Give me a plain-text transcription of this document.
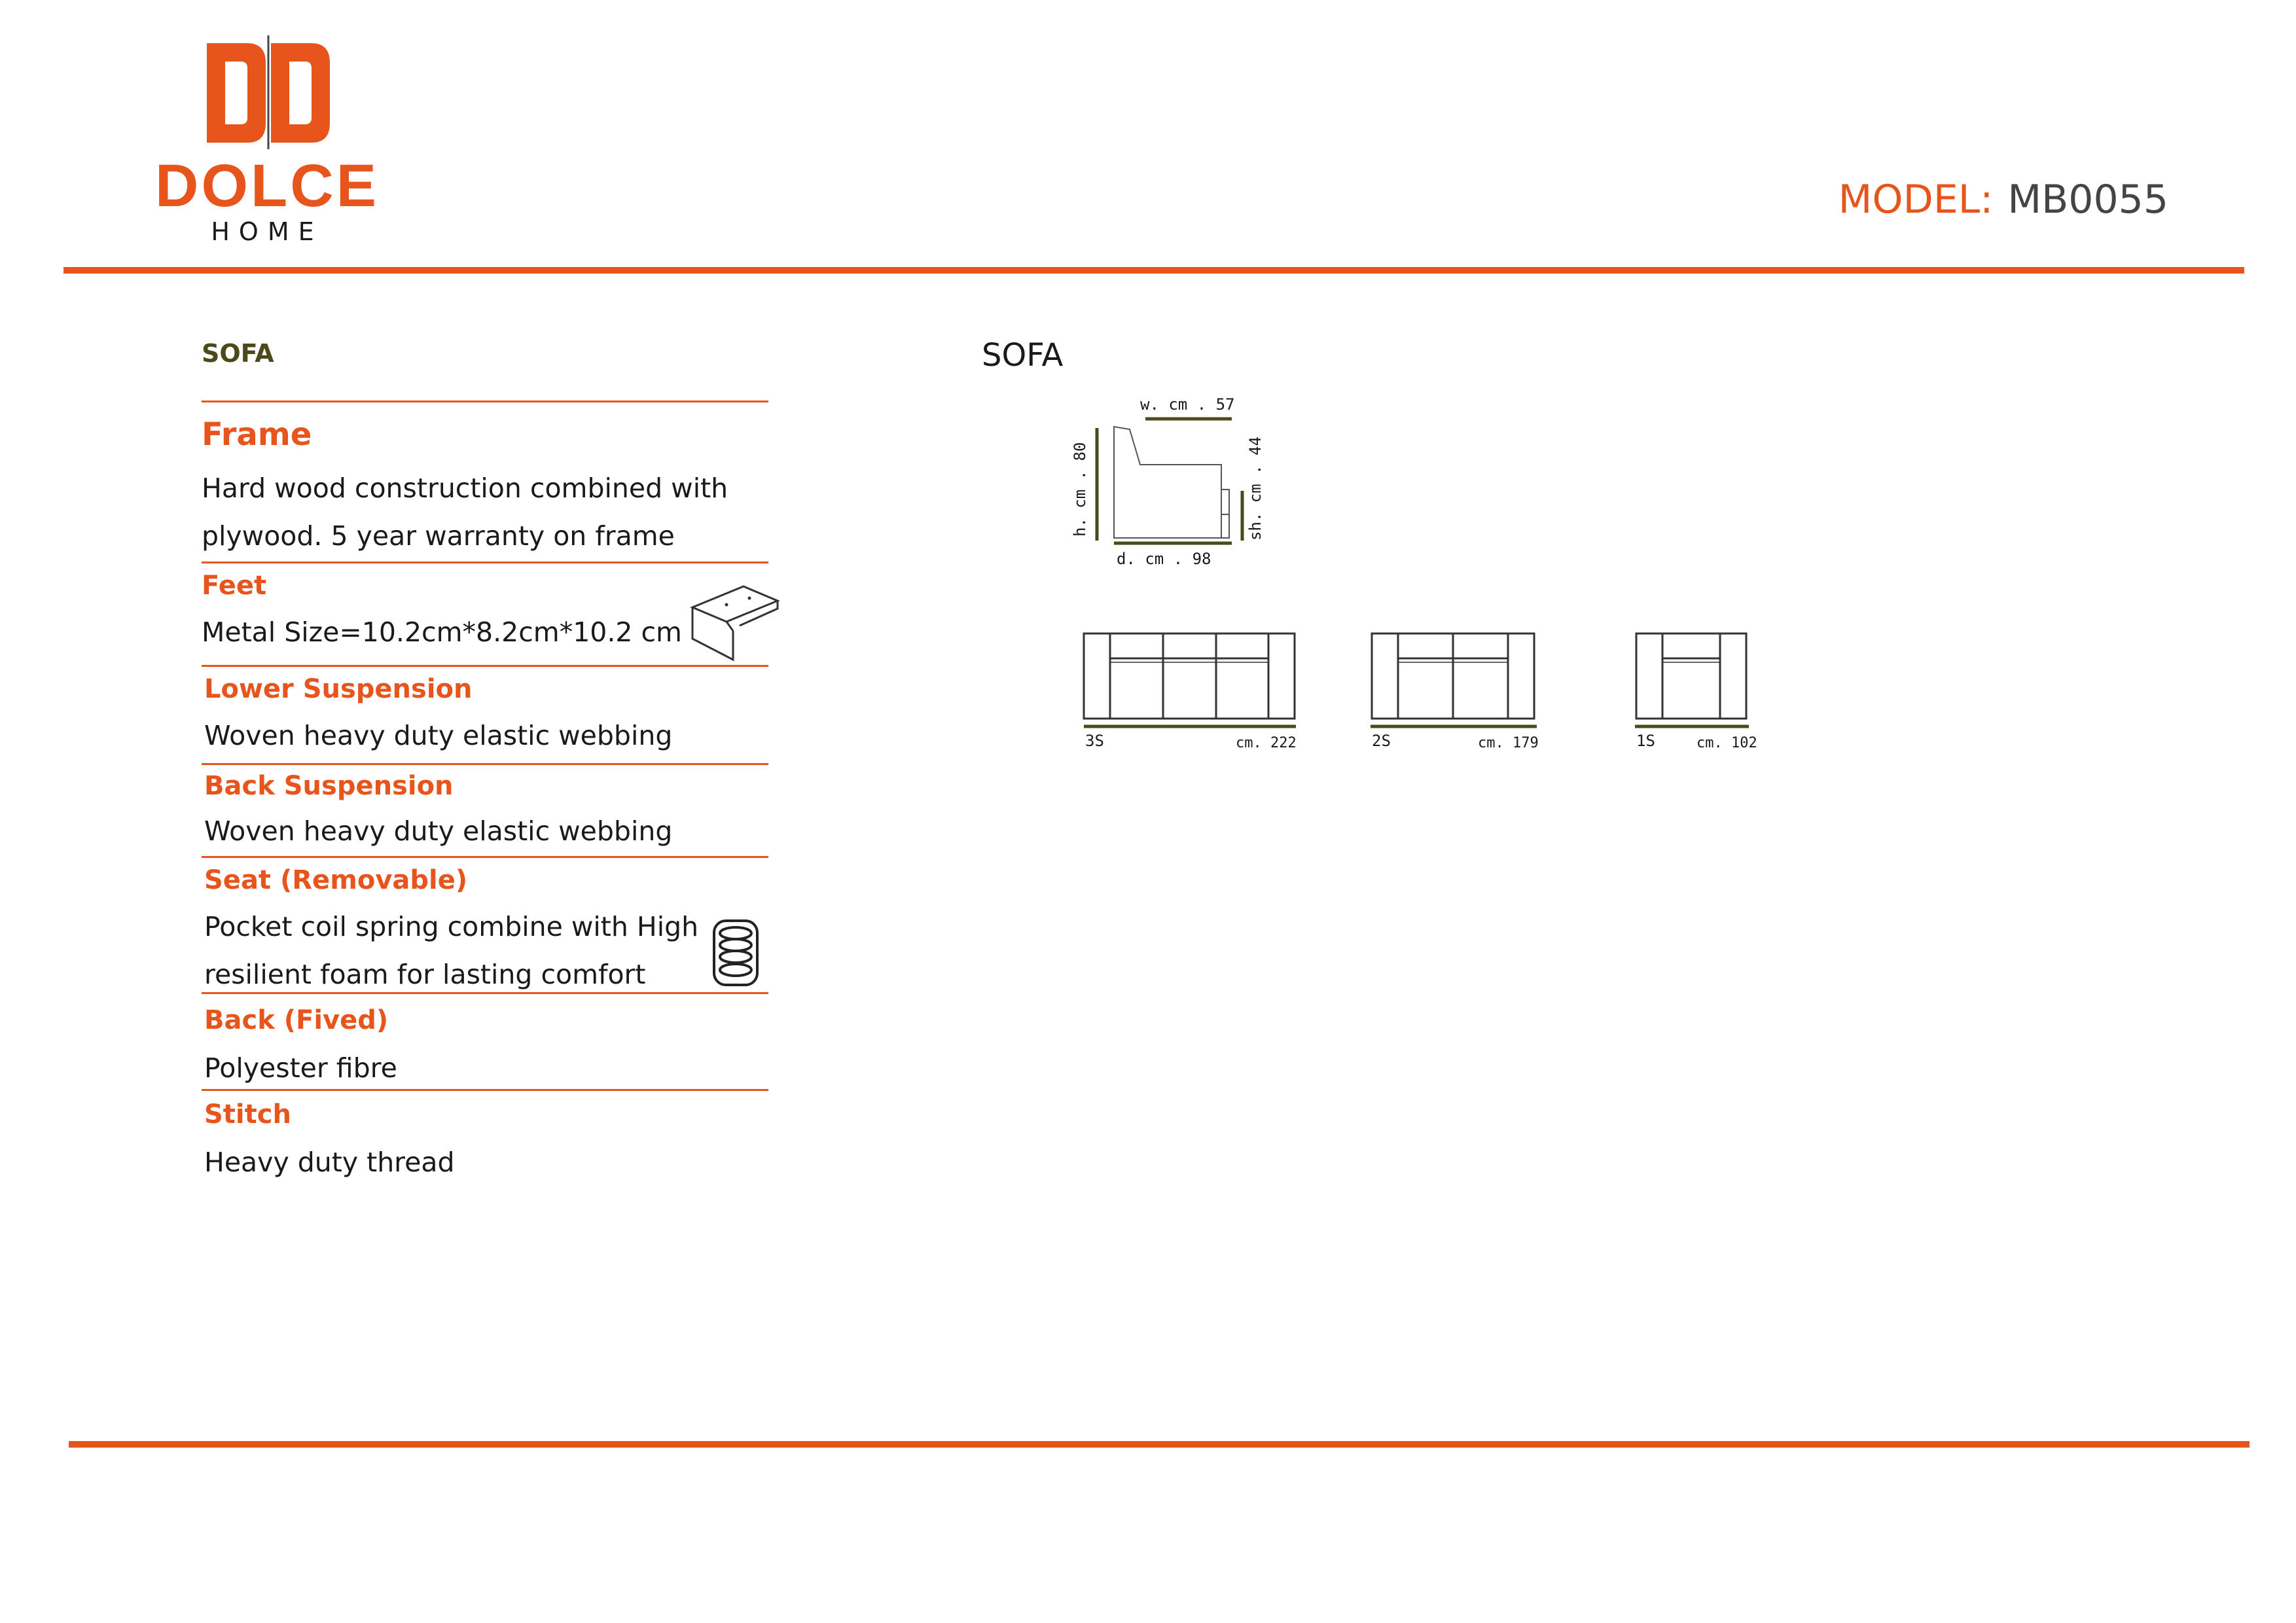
DOLCE
HOME
MODEL: MB0055
SOFA
Frame
Hard wood construction combined with
plywood. 5 year warranty on frame
Feet
Metal Size=10.2cm*8.2cm*10.2 cm
Lower Suspension
Woven heavy duty elastic webbing
Back Suspension
Woven heavy duty elastic webbing
Seat (Removable)
Pocket coil spring combine with High
resilient foam for lasting comfort
Back (Fived)
Polyester fibre
Stitch
Heavy duty thread
SOFA
w. cm . 57
h. cm . 80
d. cm . 98
sh. cm . 44
3S	cm. 222	2S	cm. 179	1S	cm. 102
